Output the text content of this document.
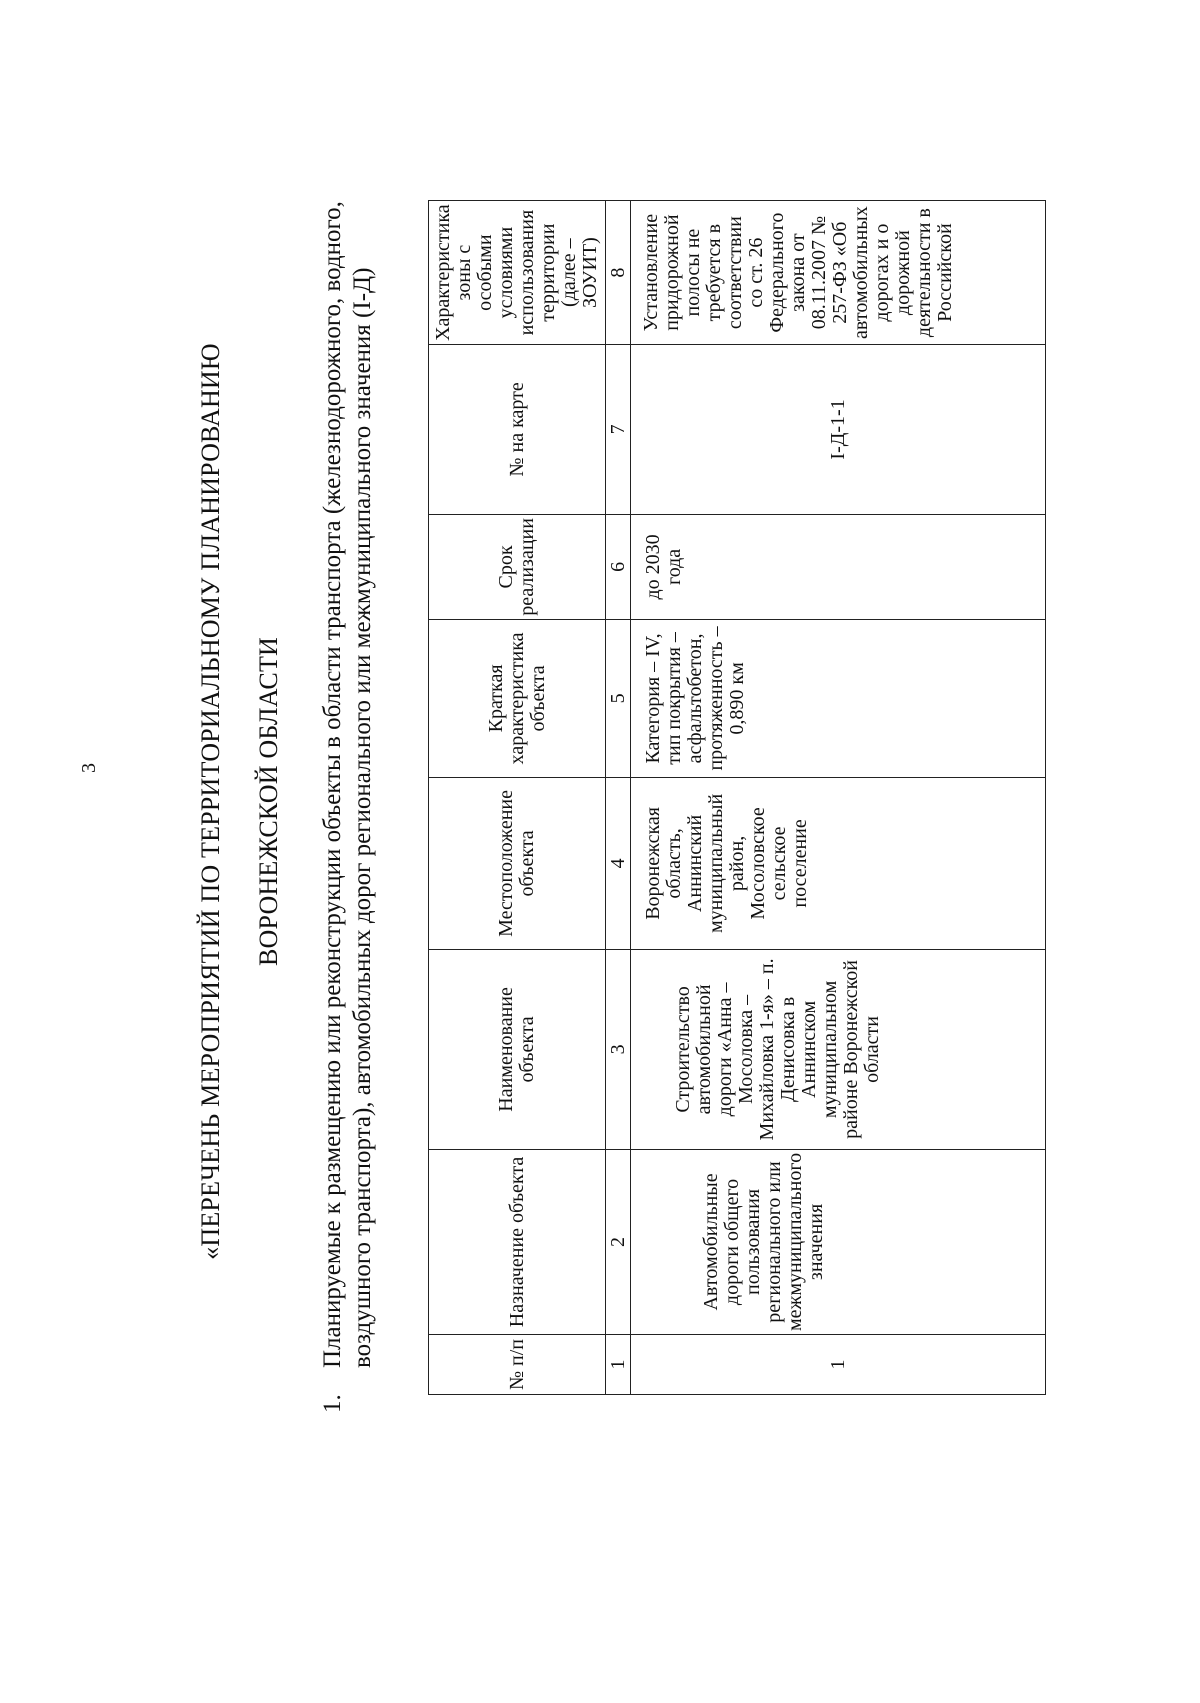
3	«ПЕРЕЧЕНЬ МЕРОПРИЯТИЙ ПО ТЕРРИТОРИАЛЬНОМУ ПЛАНИРОВАНИЮ ВОРОНЕЖСКОЙ ОБЛАСТИ
1.
Планируемые к размещению или реконструкции объекты в области транспорта (железнодорожного, водного, воздушного транспорта), автомобильных дорог регионального или межмуниципального значения (I-Д)	№ п/п	Назначение объекта	Наименование объекта	Местоположение объекта	Краткая характеристика объекта	Срок реализации	№ на карте	Характеристика зоны с особыми условиями использования территории (далее – ЗОУИТ)
1	2	3	4	5	6	7	8
1	Автомобильные дороги общего пользования регионального или межмуниципального значения	Строительство автомобильной дороги «Анна – Мосоловка – Михайловка 1-я» – п. Денисовка в Аннинском муниципальном районе Воронежской области	Воронежская область, Аннинский муниципальный район, Мосоловское сельское поселение	Категория – IV, тип покрытия – асфальтобетон, протяженность – 0,890 км	до 2030 года	I-Д-1-1	Установление придорожной полосы не требуется в соответствии со ст. 26 Федерального закона от 08.11.2007 № 257-ФЗ «Об автомобильных дорогах и о дорожной деятельности в Российской
